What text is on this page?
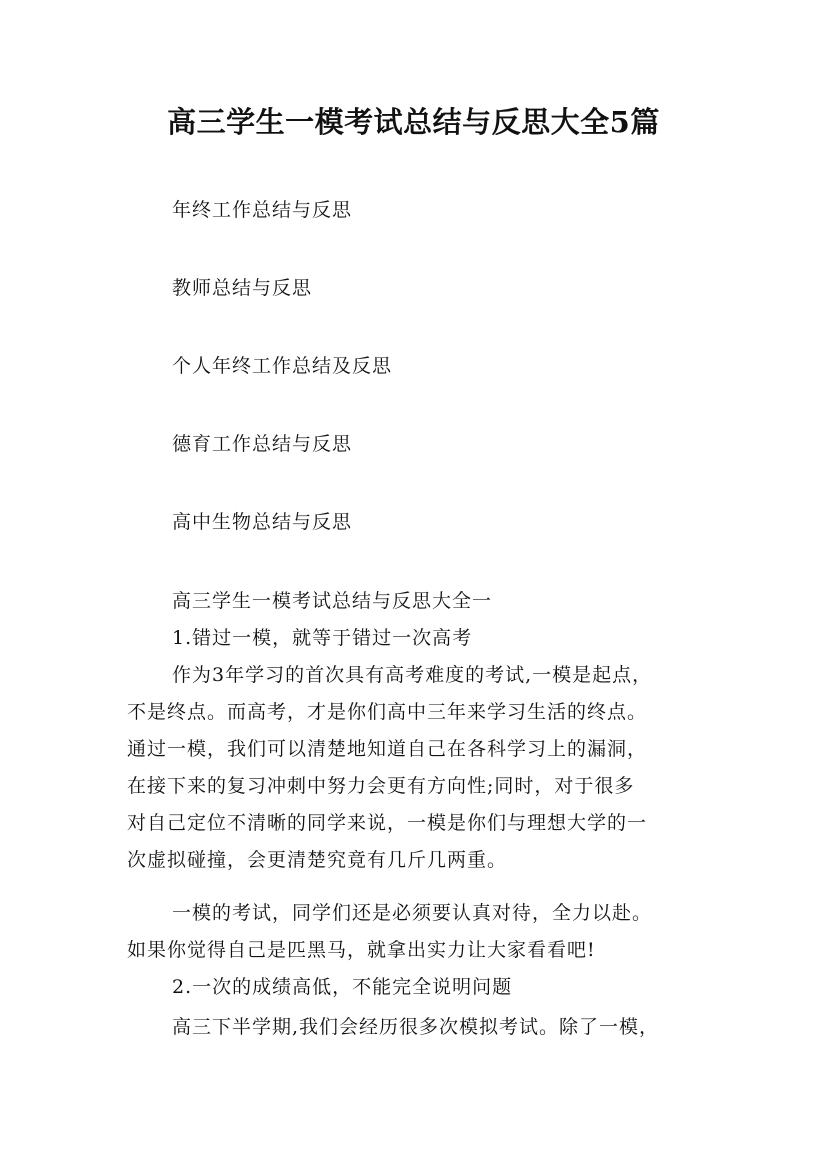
高三学生一模考试总结与反思大全5篇

年终工作总结与反思

教师总结与反思

个人年终工作总结及反思

德育工作总结与反思

高中生物总结与反思

高三学生一模考试总结与反思大全一

1.错过一模，就等于错过一次高考

作为3年学习的首次具有高考难度的考试,一模是起点，

不是终点。而高考，才是你们高中三年来学习生活的终点。

通过一模，我们可以清楚地知道自己在各科学习上的漏洞，

在接下来的复习冲刺中努力会更有方向性;同时，对于很多

对自己定位不清晰的同学来说，一模是你们与理想大学的一

次虚拟碰撞，会更清楚究竟有几斤几两重。

一模的考试，同学们还是必须要认真对待，全力以赴。

如果你觉得自己是匹黑马，就拿出实力让大家看看吧!

2.一次的成绩高低，不能完全说明问题

高三下半学期,我们会经历很多次模拟考试。除了一模，
